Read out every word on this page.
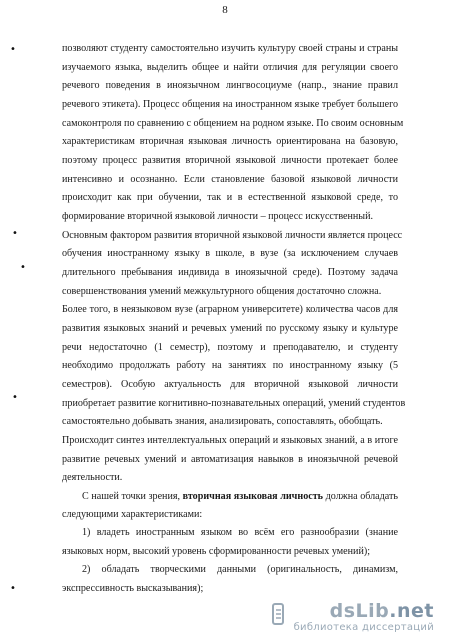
8
позволяют студенту самостоятельно изучить культуру своей страны и страны
изучаемого языка, выделить общее и найти отличия для регуляции своего
речевого поведения в иноязычном лингвосоциуме (напр., знание правил
речевого этикета). Процесс общения на иностранном языке требует большего
самоконтроля по сравнению с общением на родном языке. По своим основным
характеристикам вторичная языковая личность ориентирована на базовую,
поэтому процесс развития вторичной языковой личности протекает более
интенсивно и осознанно. Если становление базовой языковой личности
происходит как при обучении, так и в естественной языковой среде, то
формирование вторичной языковой личности – процесс искусственный.
Основным фактором развития вторичной языковой личности является процесс
обучения иностранному языку в школе, в вузе (за исключением случаев
длительного пребывания индивида в иноязычной среде). Поэтому задача
совершенствования умений межкультурного общения достаточно сложна.
Более того, в неязыковом вузе (аграрном университете) количества часов для
развития языковых знаний и речевых умений по русскому языку и культуре
речи недостаточно (1 семестр), поэтому и преподавателю, и студенту
необходимо продолжать работу на занятиях по иностранному языку (5
семестров). Особую актуальность для вторичной языковой личности
приобретает развитие когнитивно-познавательных операций, умений студентов
самостоятельно добывать знания, анализировать, сопоставлять, обобщать.
Происходит синтез интеллектуальных операций и языковых знаний, а в итоге
развитие речевых умений и автоматизация навыков в иноязычной речевой
деятельности.
С нашей точки зрения, вторичная языковая личность должна обладать
следующими характеристиками:
1) владеть иностранным языком во всём его разнообразии (знание
языковых норм, высокий уровень сформированности речевых умений);
2) обладать творческими данными (оригинальность, динамизм,
экспрессивность высказывания);
•
•
•
•
•
dsLib.net
библиотека диссертаций
